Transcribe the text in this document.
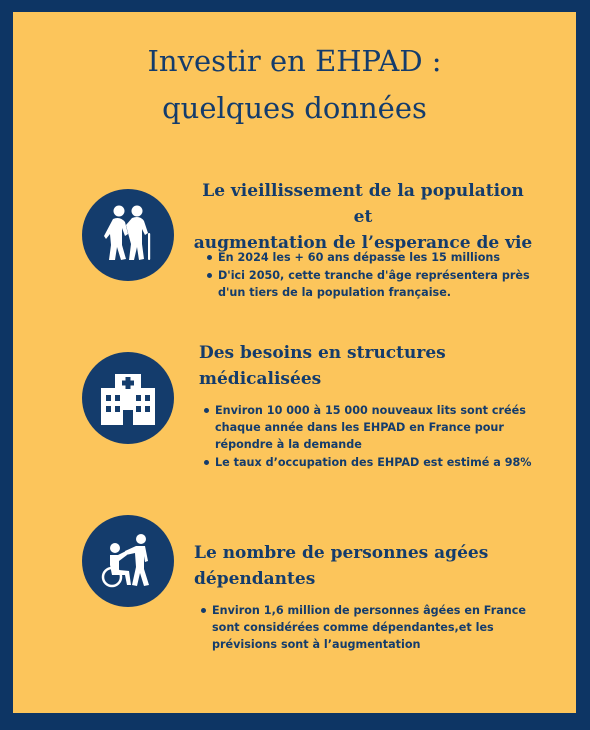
Investir en EHPAD :
quelques données
Le vieillissement de la population et
augmentation de l’esperance de vie
En 2024 les + 60 ans dépasse les 15 millions
D'ici 2050, cette tranche d'âge représentera près d'un tiers de la population française.
Des besoins en structures
médicalisées
Environ 10 000 à 15 000 nouveaux lits sont créés chaque année dans les EHPAD en France pour répondre à la demande
Le taux d’occupation des EHPAD est estimé a 98%
Le nombre de personnes agées
dépendantes
Environ 1,6 million de personnes âgées en France sont considérées comme dépendantes,et les prévisions sont à l’augmentation
